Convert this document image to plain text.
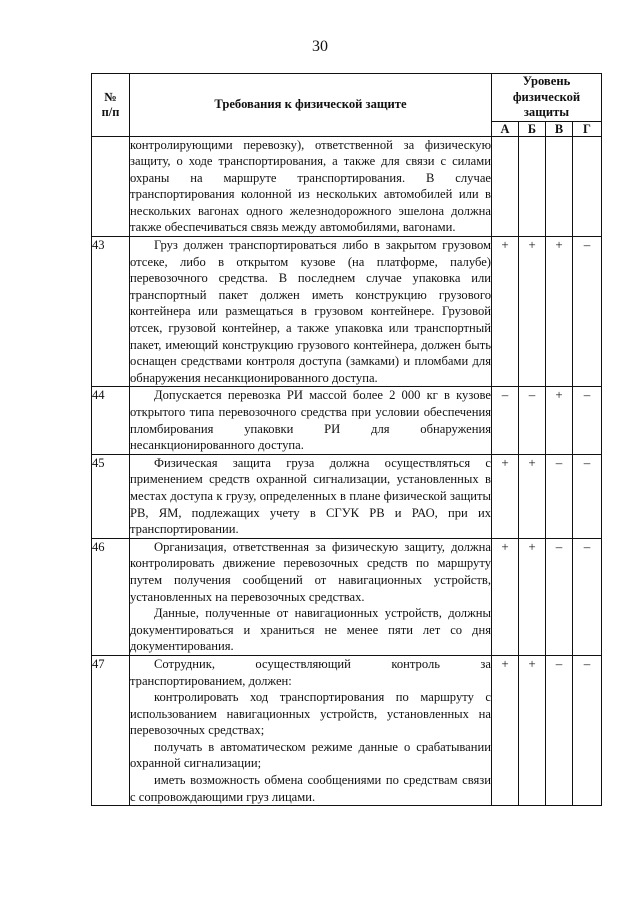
30
№
п/п	Требования к физической защите	Уровень физической защиты			
		А	Б	В	Г

	контролирующими перевозку), ответственной за физическую защиту, о ходе транспортирования, а также для связи с силами охраны на маршруте транспортирования. В случае транспортирования колонной из нескольких автомобилей или в нескольких вагонах одного железнодорожного эшелона должна также обеспечиваться связь между автомобилями, вагонами.				

43	Груз должен транспортироваться либо в закрытом грузовом отсеке, либо в открытом кузове (на платформе, палубе) перевозочного средства. В последнем случае упаковка или транспортный пакет должен иметь конструкцию грузового контейнера или размещаться в грузовом контейнере. Грузовой отсек, грузовой контейнер, а также упаковка или транспортный пакет, имеющий конструкцию грузового контейнера, должен быть оснащен средствами контроля доступа (замками) и пломбами для обнаружения несанкционированного доступа.	+	+	+	–
44	Допускается перевозка РИ массой более 2 000 кг в кузове открытого типа перевозочного средства при условии обеспечения пломбирования упаковки РИ для обнаружения несанкционированного доступа.	–	–	+	–
45	Физическая защита груза должна осуществляться с применением средств охранной сигнализации, установленных в местах доступа к грузу, определенных в плане физической защиты РВ, ЯМ, подлежащих учету в СГУК РВ и РАО, при их транспортировании.	+	+	–	–
46	Организация, ответственная за физическую защиту, должна контролировать движение перевозочных средств по маршруту путем получения сообщений от навигационных устройств, установленных на перевозочных средствах.

Данные, полученные от навигационных устройств, должны документироваться и храниться не менее пяти лет со дня документирования.	+	+	–	–
47	Сотрудник, осуществляющий контроль за транспортированием, должен:

контролировать ход транспортирования по маршруту с использованием навигационных устройств, установленных на перевозочных средствах;

получать в автоматическом режиме данные о срабатывании охранной сигнализации;

иметь возможность обмена сообщениями по средствам связи с сопровождающими груз лицами.	+	+	–	–
